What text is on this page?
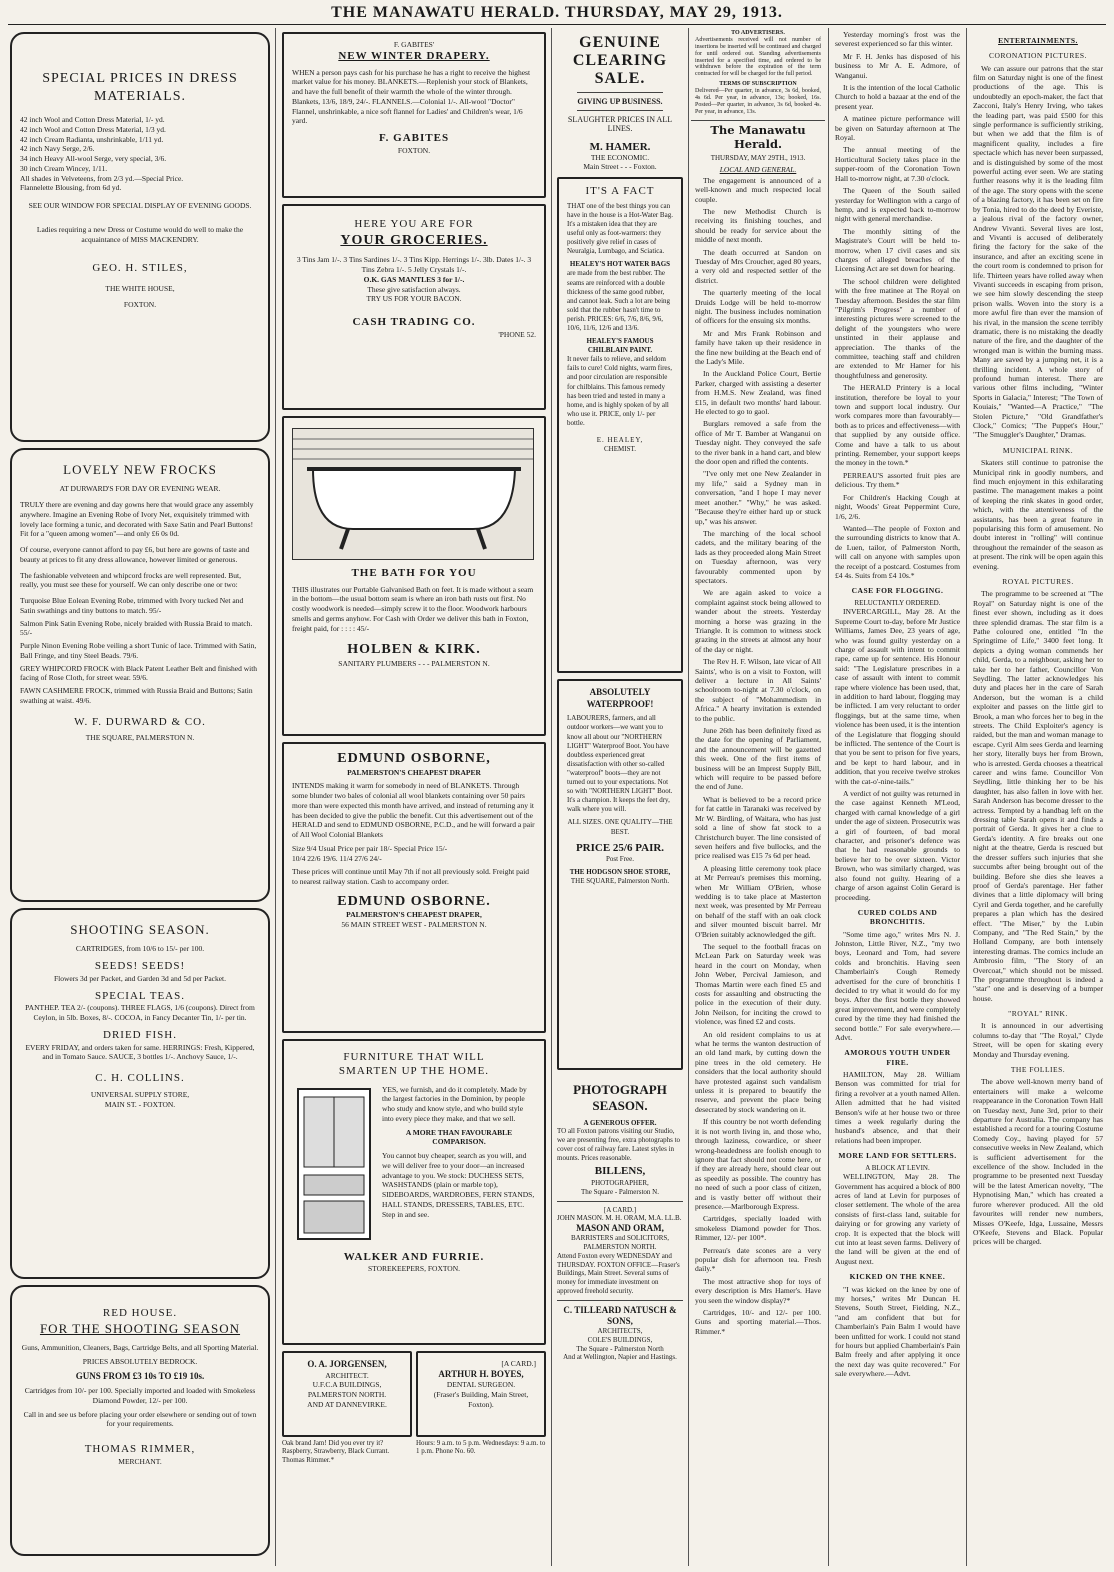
THE MANAWATU HERALD. THURSDAY, MAY 29, 1913.
SPECIAL PRICES IN DRESS MATERIALS.
42 inch Wool and Cotton Dress Material, 1/- yd.
42 inch Wool and Cotton Dress Material, 1/3 yd.
42 inch Cream Radianta, unshrinkable, 1/11 yd.
42 inch Navy Serge, 2/6.
34 inch Heavy All-wool Serge, very special, 3/6.
30 inch Cream Wincey, 1/11.
All shades in Velveteens, from 2/3 yd.—Special Price.
Flannelette Blousing, from 6d yd.
SEE OUR WINDOW FOR SPECIAL DISPLAY OF EVENING GOODS.
Ladies requiring a new Dress or Costume would do well to make the acquaintance of MISS MACKENDRY.
GEO. H. STILES,
THE WHITE HOUSE,
FOXTON.
LOVELY NEW FROCKS
AT DURWARD'S FOR DAY OR EVENING WEAR.

TRULY there are evening and day gowns here that would grace any assembly anywhere. Imagine an Evening Robe of Ivory Net, exquisitely trimmed with lovely lace forming a tunic, and decorated with Saxe Satin and Pearl Buttons! Fit for a "queen among women"—and only £6 0s 0d.

Of course, everyone cannot afford to pay £6, but here are gowns of taste and beauty at prices to fit any dress allowance, however limited or generous.

The fashionable velveteen and whipcord frocks are well represented. But, really, you must see these for yourself. We can only describe one or two:

Turquoise Blue Eolean Evening Robe, trimmed with Ivory tucked Net and Satin swathings and tiny buttons to match. 95/-
Salmon Pink Satin Evening Robe, nicely braided with Russia Braid to match. 55/-
Purple Ninon Evening Robe veiling a short Tunic of lace. Trimmed with Satin, Ball Fringe, and tiny Steel Beads. 79/6.
GREY WHIPCORD FROCK with Black Patent Leather Belt and finished with facing of Rose Cloth, for street wear. 59/6.
FAWN CASHMERE FROCK, trimmed with Russia Braid and Buttons; Satin swathing at waist. 49/6.
W. F. DURWARD & CO.
THE SQUARE, PALMERSTON N.
SHOOTING SEASON.
CARTRIDGES, from 10/6 to 15/- per 100.
SEEDS! SEEDS!
Flowers 3d per Packet, and Garden 3d and 5d per Packet.
SPECIAL TEAS.
PANTHEP. TEA 2/- (coupons). THREE FLAGS, 1/6 (coupons). Direct from Ceylon, in 5lb. Boxes, 8/-. COCOA, in Fancy Decanter Tin, 1/- per tin.
DRIED FISH.
EVERY FRIDAY, and orders taken for same. HERRINGS: Fresh, Kippered, and in Tomato Sauce. SAUCE, 3 bottles 1/-. Anchovy Sauce, 1/-.
C. H. COLLINS.
UNIVERSAL SUPPLY STORE,
MAIN ST. - FOXTON.
RED HOUSE.
FOR THE SHOOTING SEASON
Guns, Ammunition, Cleaners, Bags, Cartridge Belts, and all Sporting Material.
PRICES ABSOLUTELY BEDROCK.
GUNS FROM £3 10s TO £19 10s.
Cartridges from 10/- per 100. Specially imported and loaded with Smokeless Diamond Powder, 12/- per 100.
Call in and see us before placing your order elsewhere or sending out of town for your requirements.
THOMAS RIMMER,
MERCHANT.
F. GABITES'
NEW WINTER DRAPERY.
WHEN a person pays cash for his purchase he has a right to receive the highest market value for his money. BLANKETS.—Replenish your stock of Blankets, and have the full benefit of their warmth the whole of the winter through. Blankets, 13/6, 18/9, 24/-. FLANNELS.—Colonial 1/-. All-wool "Doctor" Flannel, unshrinkable, a nice soft flannel for Ladies' and Children's wear, 1/6 yard.
F. GABITES
FOXTON.
HERE YOU ARE FOR
YOUR GROCERIES.
3 Tins Jam 1/-. 3 Tins Sardines 1/-. 3 Tins Kipp. Herrings 1/-. 3lb. Dates 1/-. 3 Tins Zebra 1/-. 5 Jelly Crystals 1/-.
O.K. GAS MANTLES 3 for 1/-.
These give satisfaction always.
TRY US FOR YOUR BACON.
CASH TRADING CO.
'PHONE 52.
THE BATH FOR YOU
THIS illustrates our Portable Galvanised Bath on feet. It is made without a seam in the bottom—the usual bottom seam is where an iron bath rusts out first. No costly woodwork is needed—simply screw it to the floor. Woodwork harbours smells and germs anyhow. For Cash with Order we deliver this bath in Foxton, freight paid, for : : : : 45/-
HOLBEN & KIRK.
SANITARY PLUMBERS - - - PALMERSTON N.
EDMUND OSBORNE,
PALMERSTON'S CHEAPEST DRAPER
INTENDS making it warm for somebody in need of BLANKETS. Through some blunder two bales of colonial all wool blankets containing over 50 pairs more than were expected this month have arrived, and instead of returning any it has been decided to give the public the benefit. Cut this advertisement out of the HERALD and send to EDMUND OSBORNE, P.C.D., and he will forward a pair of All Wool Colonial Blankets
Size 9/4 Usual Price per pair 18/- Special Price 15/-
10/4 22/6 19/6. 11/4 27/6 24/-
These prices will continue until May 7th if not all previously sold. Freight paid to nearest railway station. Cash to accompany order.
EDMUND OSBORNE.
PALMERSTON'S CHEAPEST DRAPER,
56 MAIN STREET WEST - PALMERSTON N.
FURNITURE THAT WILL
SMARTEN UP THE HOME.
YES, we furnish, and do it completely. Made by the largest factories in the Dominion, by people who study and know style, and who build style into every piece they make, and that we sell.
A MORE THAN FAVOURABLE COMPARISON.
You cannot buy cheaper, search as you will, and we will deliver free to your door—an increased advantage to you. We stock: DUCHESS SETS, WASHSTANDS (plain or marble top), SIDEBOARDS, WARDROBES, FERN STANDS, HALL STANDS, DRESSERS, TABLES, ETC. Step in and see.
WALKER AND FURRIE.
STOREKEEPERS, FOXTON.
O. A. JORGENSEN,
ARCHITECT.
U.F.C.A BUILDINGS, PALMERSTON NORTH.
AND AT DANNEVIRKE.
[A CARD.]
ARTHUR H. BOYES,
DENTAL SURGEON.
(Fraser's Building, Main Street, Foxton).
Oak brand Jam! Did you ever try it? Raspberry, Strawberry, Black Currant. Thomas Rimmer.*
Hours: 9 a.m. to 5 p.m. Wednesdays: 9 a.m. to 1 p.m. Phone No. 60.
GENUINE CLEARING SALE.
GIVING UP BUSINESS.
SLAUGHTER PRICES IN ALL LINES.
M. HAMER.
THE ECONOMIC.
Main Street - - - Foxton.
IT'S A FACT
THAT one of the best things you can have in the house is a Hot-Water Bag. It's a mistaken idea that they are useful only as foot-warmers: they positively give relief in cases of Neuralgia, Lumbago, and Sciatica.
HEALEY'S HOT WATER BAGS
are made from the best rubber. The seams are reinforced with a double thickness of the same good rubber, and cannot leak. Such a lot are being sold that the rubber hasn't time to perish. PRICES: 6/6, 7/6, 8/6, 9/6, 10/6, 11/6, 12/6 and 13/6.
HEALEY'S FAMOUS CHILBLAIN PAINT.
It never fails to relieve, and seldom fails to cure! Cold nights, warm fires, and poor circulation are responsible for chilblains. This famous remedy has been tried and tested in many a home, and is highly spoken of by all who use it. PRICE, only 1/- per bottle.
E. HEALEY,
CHEMIST.
ABSOLUTELY WATERPROOF!
LABOURERS, farmers, and all outdoor workers—we want you to know all about our "NORTHERN LIGHT" Waterproof Boot. You have doubtless experienced great dissatisfaction with other so-called "waterproof" boots—they are not turned out to your expectations. Not so with "NORTHERN LIGHT" Boot. It's a champion. It keeps the feet dry, walk where you will.
ALL SIZES. ONE QUALITY—THE BEST.
PRICE 25/6 PAIR.
Post Free.
THE HODGSON SHOE STORE,
THE SQUARE, Palmerston North.
PHOTOGRAPH SEASON.
A GENEROUS OFFER.
TO all Foxton patrons visiting our Studio, we are presenting free, extra photographs to cover cost of railway fare. Latest styles in mounts. Prices reasonable.
BILLENS,
PHOTOGRAPHER,
The Square - Palmerston N.
[A CARD.]
JOHN MASON. M. H. ORAM, M.A. LL.B.
MASON AND ORAM,
BARRISTERS and SOLICITORS, PALMERSTON NORTH.
Attend Foxton every WEDNESDAY and THURSDAY. FOXTON OFFICE—Fraser's Buildings, Main Street. Several sums of money for immediate investment on approved freehold security.
C. TILLEARD NATUSCH & SONS,
ARCHITECTS,
COLE'S BUILDINGS,
The Square - Palmerston North
And at Wellington, Napier and Hastings.
TO ADVERTISERS.
Advertisements received will not number of insertions be inserted will be continued and charged for until ordered out. Standing advertisements inserted for a specified time, and ordered to be withdrawn before the expiration of the term contracted for will be charged for the full period.
TERMS OF SUBSCRIPTION
Delivered—Per quarter, in advance, 3s 6d, booked, 4s 6d. Per year, in advance, 13s; booked, 16s. Posted—Per quarter, in advance, 3s 6d, booked 4s. Per year, in advance, 13s.
The Manawatu Herald.
THURSDAY, MAY 29TH., 1913.
LOCAL AND GENERAL.

The engagement is announced of a well-known and much respected local couple.

The new Methodist Church is receiving its finishing touches, and should be ready for service about the middle of next month.

The death occurred at Sandon on Tuesday of Mrs Croucher, aged 80 years, a very old and respected settler of the district.

The quarterly meeting of the local Druids Lodge will be held to-morrow night. The business includes nomination of officers for the ensuing six months.

Mr and Mrs Frank Robinson and family have taken up their residence in the fine new building at the Beach end of the Lady's Mile.

In the Auckland Police Court, Bertie Parker, charged with assisting a deserter from H.M.S. New Zealand, was fined £15, in default two months' hard labour. He elected to go to gaol.

Burglars removed a safe from the office of Mr T. Bamber at Wanganui on Tuesday night. They conveyed the safe to the river bank in a hand cart, and blew the door open and rifled the contents.

"I've only met one New Zealander in my life," said a Sydney man in conversation, "and I hope I may never meet another." "Why," he was asked. "Because they're either hard up or stuck up," was his answer.

The marching of the local school cadets, and the military bearing of the lads as they proceeded along Main Street on Tuesday afternoon, was very favourably commented upon by spectators.

We are again asked to voice a complaint against stock being allowed to wander about the streets. Yesterday morning a horse was grazing in the Triangle. It is common to witness stock grazing in the streets at almost any hour of the day or night.

The Rev H. F. Wilson, late vicar of All Saints', who is on a visit to Foxton, will deliver a lecture in All Saints' schoolroom to-night at 7.30 o'clock, on the subject of "Mohammedism in Africa." A hearty invitation is extended to the public.

June 26th has been definitely fixed as the date for the opening of Parliament, and the announcement will be gazetted this week. One of the first items of business will be an Imprest Supply Bill, which will require to be passed before the end of June.

What is believed to be a record price for fat cattle in Taranaki was received by Mr W. Birdling, of Waitara, who has just sold a line of show fat stock to a Christchurch buyer. The line consisted of seven heifers and five bullocks, and the price realised was £15 7s 6d per head.

A pleasing little ceremony took place at Mr Perreau's premises this morning, when Mr William O'Brien, whose wedding is to take place at Masterton next week, was presented by Mr Perreau on behalf of the staff with an oak clock and silver mounted biscuit barrel. Mr O'Brien suitably acknowledged the gift.

The sequel to the football fracas on McLean Park on Saturday week was heard in the court on Monday, when John Weber, Percival Jamieson, and Thomas Martin were each fined £5 and costs for assaulting and obstructing the police in the execution of their duty. John Neilson, for inciting the crowd to violence, was fined £2 and costs.

An old resident complains to us at what he terms the wanton destruction of an old land mark, by cutting down the pine trees in the old cemetery. He considers that the local authority should have protested against such vandalism unless it is prepared to beautify the reserve, and prevent the place being desecrated by stock wandering on it.

If this country be not worth defending it is not worth living in, and those who, through laziness, cowardice, or sheer wrong-headedness are foolish enough to ignore that fact should not come here, or if they are already here, should clear out as speedily as possible. The country has no need of such a poor class of citizen, and is vastly better off without their presence.—Marlborough Express.

Cartridges, specially loaded with smokeless Diamond powder for Thos. Rimmer, 12/- per 100*.

Perreau's date scones are a very popular dish for afternoon tea. Fresh daily.*

The most attractive shop for toys of every description is Mrs Hamer's. Have you seen the window display?*

Cartridges, 10/- and 12/- per 100. Guns and sporting material.—Thos. Rimmer.*

Yesterday morning's frost was the severest experienced so far this winter.

Mr F. H. Jenks has disposed of his business to Mr A. E. Admore, of Wanganui.

It is the intention of the local Catholic Church to hold a bazaar at the end of the present year.

A matinee picture performance will be given on Saturday afternoon at The Royal.

The annual meeting of the Horticultural Society takes place in the supper-room of the Coronation Town Hall to-morrow night, at 7.30 o'clock.

The Queen of the South sailed yesterday for Wellington with a cargo of hemp, and is expected back to-morrow night with general merchandise.

The monthly sitting of the Magistrate's Court will be held to-morrow, when 17 civil cases and six charges of alleged breaches of the Licensing Act are set down for hearing.

The school children were delighted with the free matinee at The Royal on Tuesday afternoon. Besides the star film "Pilgrim's Progress" a number of interesting pictures were screened to the delight of the youngsters who were unstinted in their applause and appreciation. The thanks of the committee, teaching staff and children are extended to Mr Hamer for his thoughtfulness and generosity.

The HERALD Printery is a local institution, therefore be loyal to your town and support local industry. Our work compares more than favourably—both as to prices and effectiveness—with that supplied by any outside office. Come and have a talk to us about printing. Remember, your support keeps the money in the town.*

PERREAU'S assorted fruit pies are delicious. Try them.*

For Children's Hacking Cough at night, Woods' Great Peppermint Cure, 1/6, 2/6.

Wanted—The people of Foxton and the surrounding districts to know that A. de Luen, tailor, of Palmerston North, will call on anyone with samples upon the receipt of a postcard. Costumes from £4 4s. Suits from £4 10s.*

CASE FOR FLOGGING.
RELUCTANTLY ORDERED.

INVERCARGILL, May 28. At the Supreme Court to-day, before Mr Justice Williams, James Dee, 23 years of age, who was found guilty yesterday on a charge of assault with intent to commit rape, came up for sentence. His Honour said: "The Legislature prescribes in a case of assault with intent to commit rape where violence has been used, that, in addition to hard labour, flogging may be inflicted. I am very reluctant to order floggings, but at the same time, when violence has been used, it is the intention of the Legislature that flogging should be inflicted. The sentence of the Court is that you be sent to prison for five years, and be kept to hard labour, and in addition, that you receive twelve strokes with the cat-o'-nine-tails."

A verdict of not guilty was returned in the case against Kenneth M'Leod, charged with carnal knowledge of a girl under the age of sixteen. Prosecutrix was a girl of fourteen, of bad moral character, and prisoner's defence was that he had reasonable grounds to believe her to be over sixteen. Victor Brown, who was similarly charged, was also found not guilty. Hearing of a charge of arson against Colin Gerard is proceeding.

CURED COLDS AND BRONCHITIS.

"Some time ago," writes Mrs N. J. Johnston, Little River, N.Z., "my two boys, Leonard and Tom, had severe colds and bronchitis. Having seen Chamberlain's Cough Remedy advertised for the cure of bronchitis I decided to try what it would do for my boys. After the first bottle they showed great improvement, and were completely cured by the time they had finished the second bottle." For sale everywhere.—Advt.

AMOROUS YOUTH UNDER FIRE.

HAMILTON, May 28. William Benson was committed for trial for firing a revolver at a youth named Allen. Allen admitted that he had visited Benson's wife at her house two or three times a week regularly during the husband's absence, and that their relations had been improper.

MORE LAND FOR SETTLERS.
A BLOCK AT LEVIN.

WELLINGTON, May 28. The Government has acquired a block of 800 acres of land at Levin for purposes of closer settlement. The whole of the area consists of first-class land, suitable for dairying or for growing any variety of crop. It is expected that the block will cut into at least seven farms. Delivery of the land will be given at the end of August next.

KICKED ON THE KNEE.

"I was kicked on the knee by one of my horses," writes Mr Duncan H. Stevens, South Street, Fielding, N.Z., "and am confident that but for Chamberlain's Pain Balm I would have been unfitted for work. I could not stand for hours but applied Chamberlain's Pain Balm freely and after applying it once the next day was quite recovered." For sale everywhere.—Advt.

ENTERTAINMENTS.
CORONATION PICTURES.

We can assure our patrons that the star film on Saturday night is one of the finest productions of the age. This is undoubtedly an epoch-maker, the fact that Zacconi, Italy's Henry Irving, who takes the leading part, was paid £500 for this single performance is sufficiently striking, but when we add that the film is of magnificent quality, includes a fire spectacle which has never been surpassed, and is distinguished by some of the most powerful acting ever seen. We are stating further reasons why it is the leading film of the age. The story opens with the scene of a blazing factory, it has been set on fire by Tonia, hired to do the deed by Everiste, a jealous rival of the factory owner, Andrew Vivanti. Several lives are lost, and Vivanti is accused of deliberately firing the factory for the sake of the insurance, and after an exciting scene in the court room is condemned to prison for life. Thirteen years have rolled away when Vivanti succeeds in escaping from prison, we see him slowly descending the steep prison walls. Woven into the story is a more awful fire than ever the mansion of his rival, in the mansion the scene terribly dramatic, there is no mistaking the deadly nature of the fire, and the daughter of the wronged man is within the burning mass. Many are saved by a jumping net, it is a thrilling incident. A whole story of profound human interest. There are various other films including, "Winter Sports in Galacia," Interest; "The Town of Kouiais," "Wanted—A Practice," "The Stolen Picture," "Old Grandfather's Clock," Comics; "The Puppet's Hour," "The Smuggler's Daughter," Dramas.

MUNICIPAL RINK.

Skaters still continue to patronise the Municipal rink in goodly numbers, and find much enjoyment in this exhilarating pastime. The management makes a point of keeping the rink skates in good order, which, with the attentiveness of the assistants, has been a great feature in popularising this form of amusement. No doubt interest in "rolling" will continue throughout the remainder of the season as at present. The rink will be open again this evening.

ROYAL PICTURES.

The programme to be screened at "The Royal" on Saturday night is one of the finest ever shown, including as it does three splendid dramas. The star film is a Pathe coloured one, entitled "In the Springtime of Life," 3400 feet long. It depicts a dying woman commends her child, Gerda, to a neighbour, asking her to take her to her father, Councillor Von Seydling. The latter acknowledges his duty and places her in the care of Sarah Anderson, but the woman is a child exploiter and passes on the little girl to Brook, a man who forces her to beg in the streets. The Child Exploiter's agency is raided, but the man and woman manage to escape. Cyril Alm sees Gerda and learning her story, literally buys her from Brown, who is arrested. Gerda chooses a theatrical career and wins fame. Councillor Von Seydling, little thinking her to be his daughter, has also fallen in love with her. Sarah Anderson has become dresser to the actress. Tempted by a handbag left on the dressing table Sarah opens it and finds a portrait of Gerda. It gives her a clue to Gerda's identity. A fire breaks out one night at the theatre, Gerda is rescued but the dresser suffers such injuries that she succumbs after being brought out of the building. Before she dies she leaves a proof of Gerda's parentage. Her father divines that a little diplomacy will bring Cyril and Gerda together, and he carefully prepares a plan which has the desired effect. "The Miser," by the Lubin Company, and "The Red Stain," by the Holland Company, are both intensely interesting dramas. The comics include an Ambrosio film, "The Story of an Overcoat," which should not be missed. The programme throughout is indeed a "star" one and is deserving of a bumper house.

"ROYAL" RINK.

It is announced in our advertising columns to-day that "The Royal," Clyde Street, will be open for skating every Monday and Thursday evening.

THE FOLLIES.

The above well-known merry band of entertainers will make a welcome reappearance in the Coronation Town Hall on Tuesday next, June 3rd, prior to their departure for Australia. The company has established a record for a touring Costume Comedy Coy., having played for 57 consecutive weeks in New Zealand, which is sufficient advertisement for the excellence of the show. Included in the programme to be presented next Tuesday will be the latest American novelty, "The Hypnotising Man," which has created a furore wherever produced. All the old favourites will render new numbers, Misses O'Keefe, Idga, Lussaine, Messrs O'Keefe, Stevens and Black. Popular prices will be charged.
